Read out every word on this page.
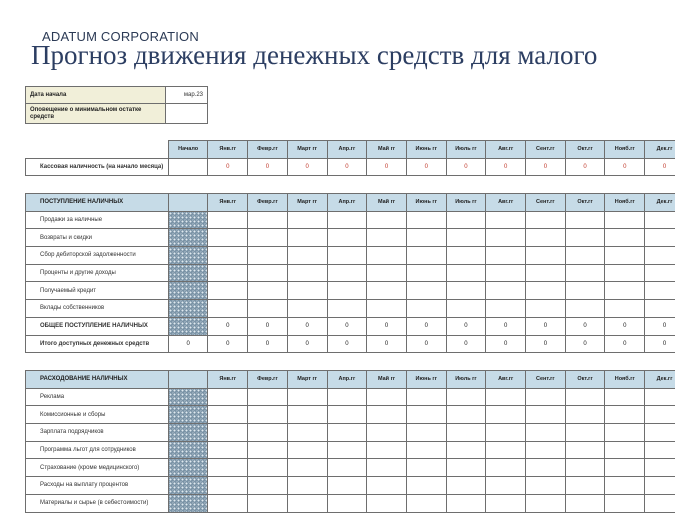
ADATUM CORPORATION
Прогноз движения денежных средств для малого
Дата начала	мар.23
Оповещение о минимальном остатке средств	
	Начало	Янв.гг	Февр.гг	Март гг	Апр.гг	Май гг	Июнь гг	Июль гг	Авг.гг	Сент.гг	Окт.гг	Нояб.гг	Дек.гг
Кассовая наличность (на начало месяца)		0	0	0	0	0	0	0	0	0	0	0	0
ПОСТУПЛЕНИЕ НАЛИЧНЫХ		Янв.гг	Февр.гг	Март гг	Апр.гг	Май гг	Июнь гг	Июль гг	Авг.гг	Сент.гг	Окт.гг	Нояб.гг	Дек.гг
Продажи за наличные													
Возвраты и скидки													
Сбор дебиторской задолженности													
Проценты и другие доходы													
Получаемый кредит													
Вклады собственников													
ОБЩЕЕ ПОСТУПЛЕНИЕ НАЛИЧНЫХ		0	0	0	0	0	0	0	0	0	0	0	0
Итого доступных денежных средств	0	0	0	0	0	0	0	0	0	0	0	0	0
РАСХОДОВАНИЕ НАЛИЧНЫХ		Янв.гг	Февр.гг	Март гг	Апр.гг	Май гг	Июнь гг	Июль гг	Авг.гг	Сент.гг	Окт.гг	Нояб.гг	Дек.гг
Реклама													
Комиссионные и сборы													
Зарплата подрядчиков													
Программа льгот для сотрудников													
Страхование (кроме медицинского)													
Расходы на выплату процентов													
Материалы и сырье (в себестоимости)													
